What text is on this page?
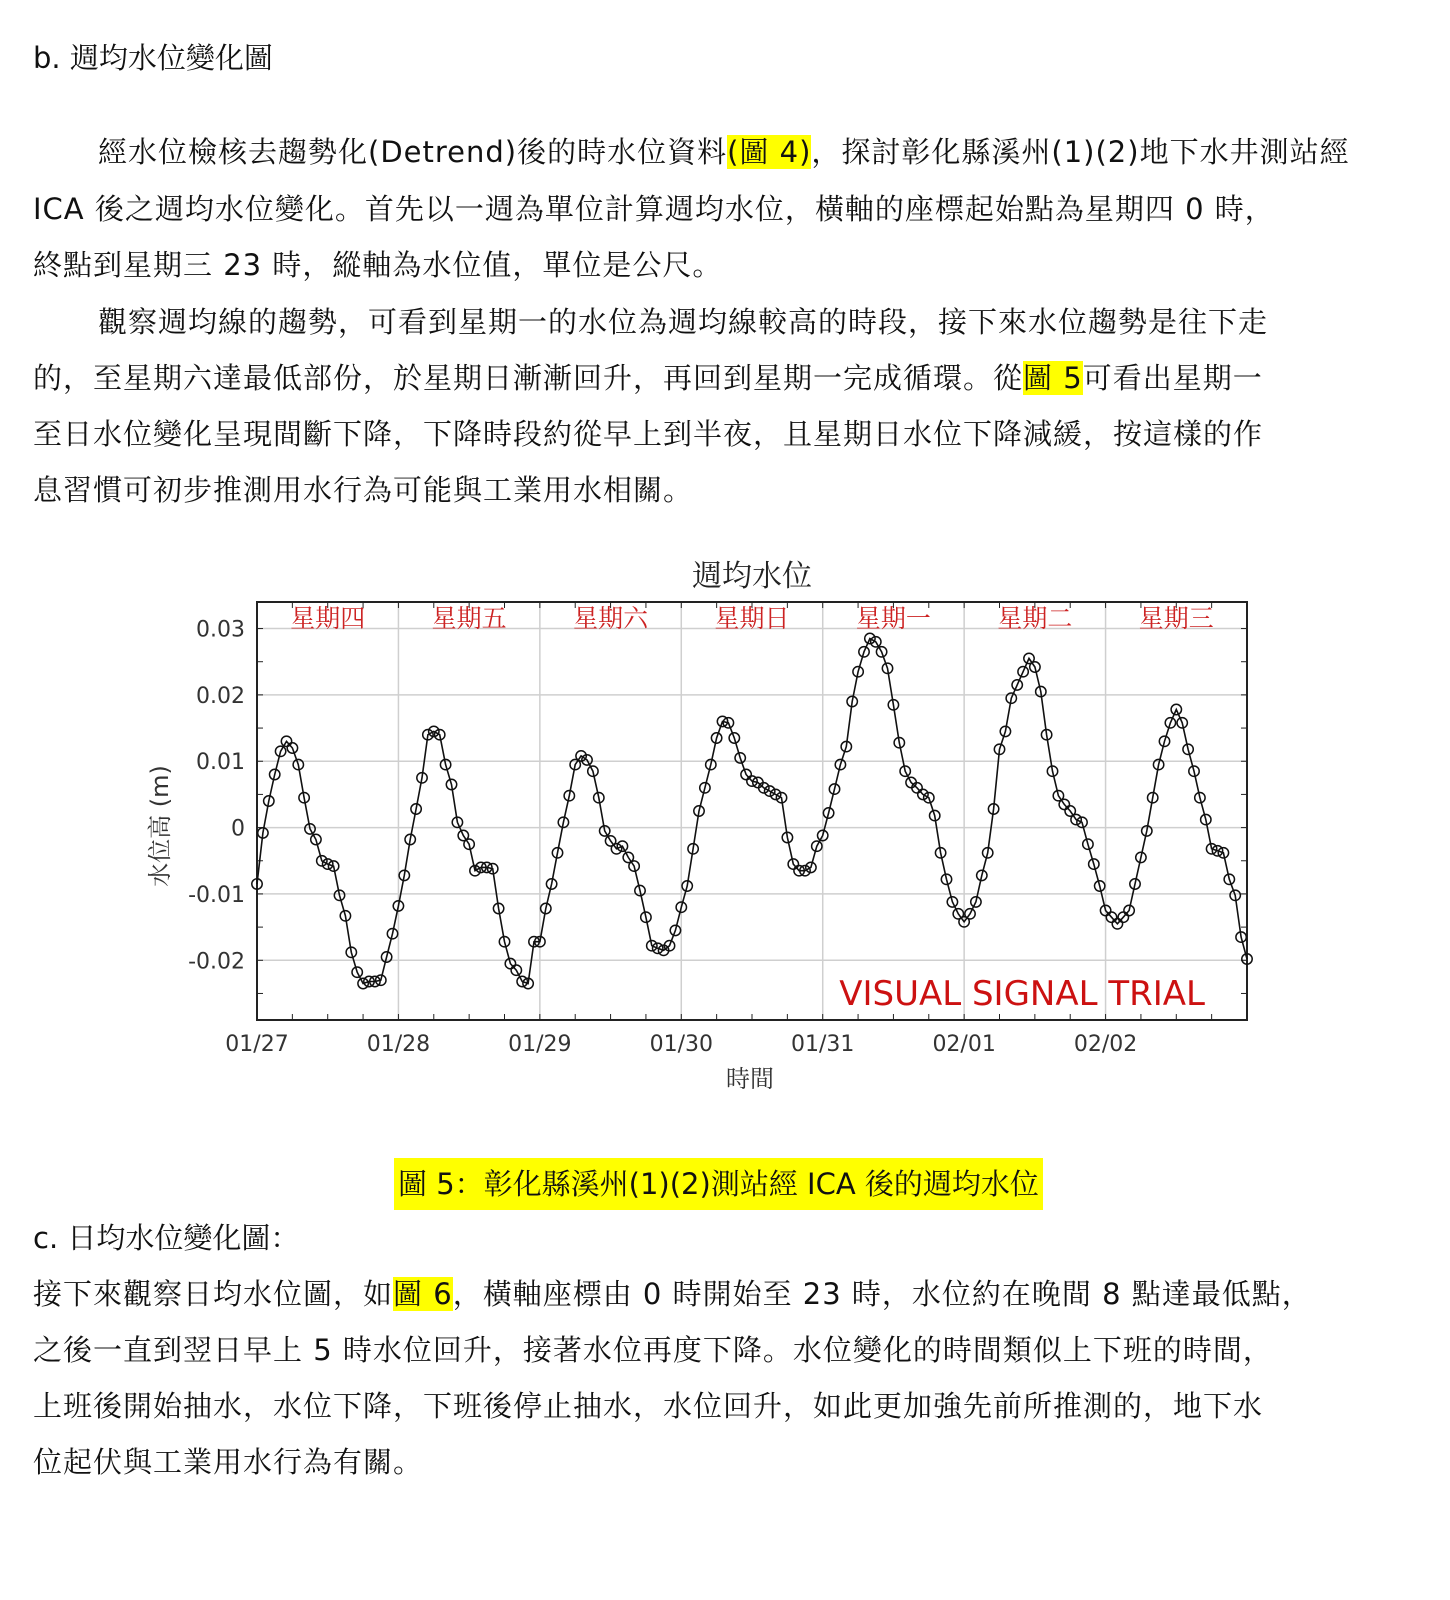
b. 週均水位變化圖
經水位檢核去趨勢化(Detrend)後的時水位資料(圖 4)，探討彰化縣溪州(1)(2)地下水井測站經
ICA 後之週均水位變化。首先以一週為單位計算週均水位，橫軸的座標起始點為星期四 0 時，
終點到星期三 23 時，縱軸為水位值，單位是公尺。
觀察週均線的趨勢，可看到星期一的水位為週均線較高的時段，接下來水位趨勢是往下走
的，至星期六達最低部份，於星期日漸漸回升，再回到星期一完成循環。從圖 5可看出星期一
至日水位變化呈現間斷下降，下降時段約從早上到半夜，且星期日水位下降減緩，按這樣的作
息習慣可初步推測用水行為可能與工業用水相關。
週均水位
星期四	星期五	星期六	星期日	星期一	星期二	星期三
01/27	01/28	01/29	01/30	01/31	02/01	02/02
0.03
0.02
0.01
0
-0.01
-0.02
VISUAL SIGNAL TRIAL
時間
水位高 (m)
圖 5：彰化縣溪州(1)(2)測站經 ICA 後的週均水位
c. 日均水位變化圖：
接下來觀察日均水位圖，如圖 6，橫軸座標由 0 時開始至 23 時，水位約在晚間 8 點達最低點，
之後一直到翌日早上 5 時水位回升，接著水位再度下降。水位變化的時間類似上下班的時間，
上班後開始抽水，水位下降，下班後停止抽水，水位回升，如此更加強先前所推測的，地下水
位起伏與工業用水行為有關。
